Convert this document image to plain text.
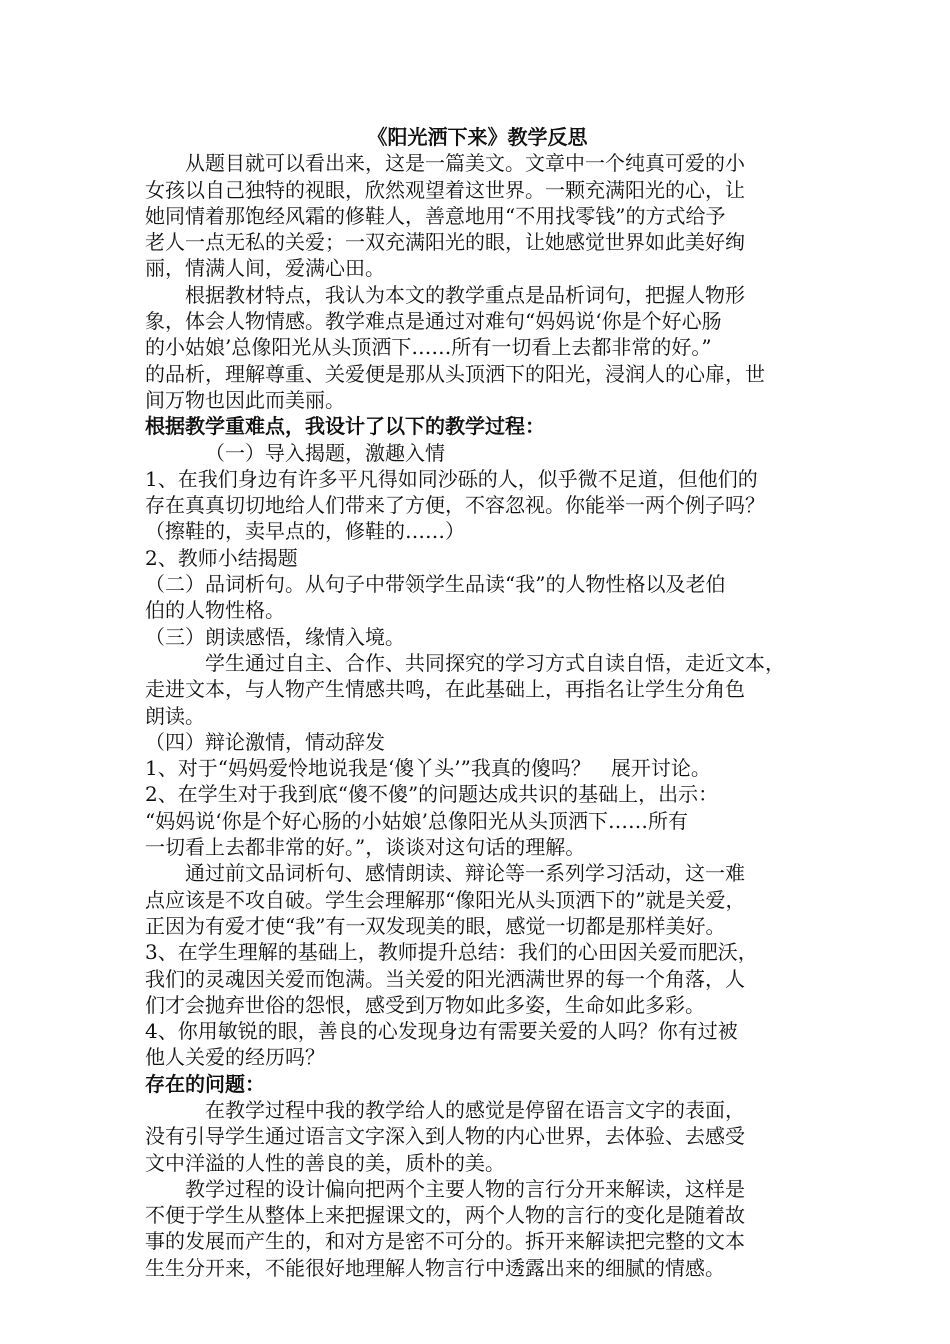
《阳光洒下来》教学反思
从题目就可以看出来，这是一篇美文。文章中一个纯真可爱的小
女孩以自己独特的视眼，欣然观望着这世界。一颗充满阳光的心，让
她同情着那饱经风霜的修鞋人，善意地用“不用找零钱”的方式给予
老人一点无私的关爱；一双充满阳光的眼，让她感觉世界如此美好绚
丽，情满人间，爱满心田。
根据教材特点，我认为本文的教学重点是品析词句，把握人物形
象，体会人物情感。教学难点是通过对难句“妈妈说‘你是个好心肠
的小姑娘’总像阳光从头顶洒下……所有一切看上去都非常的好。”
的品析，理解尊重、关爱便是那从头顶洒下的阳光，浸润人的心扉，世
间万物也因此而美丽。
根据教学重难点，我设计了以下的教学过程：
（一）导入揭题，激趣入情
1、在我们身边有许多平凡得如同沙砾的人，似乎微不足道，但他们的
存在真真切切地给人们带来了方便，不容忽视。你能举一两个例子吗？
（擦鞋的，卖早点的，修鞋的……）
2、教师小结揭题
（二）品词析句。从句子中带领学生品读“我”的人物性格以及老伯
伯的人物性格。
（三）朗读感悟，缘情入境。
学生通过自主、合作、共同探究的学习方式自读自悟，走近文本，
走进文本，与人物产生情感共鸣，在此基础上，再指名让学生分角色
朗读。
（四）辩论激情，情动辞发
1、对于“妈妈爱怜地说我是‘傻丫头’”我真的傻吗？　展开讨论。
2、在学生对于我到底“傻不傻”的问题达成共识的基础上，出示：
“妈妈说‘你是个好心肠的小姑娘’总像阳光从头顶洒下……所有
一切看上去都非常的好。”，谈谈对这句话的理解。
通过前文品词析句、感情朗读、辩论等一系列学习活动，这一难
点应该是不攻自破。学生会理解那“像阳光从头顶洒下的”就是关爱，
正因为有爱才使“我”有一双发现美的眼，感觉一切都是那样美好。
3、在学生理解的基础上，教师提升总结：我们的心田因关爱而肥沃，
我们的灵魂因关爱而饱满。当关爱的阳光洒满世界的每一个角落，人
们才会抛弃世俗的怨恨，感受到万物如此多姿，生命如此多彩。
4、你用敏锐的眼，善良的心发现身边有需要关爱的人吗？你有过被
他人关爱的经历吗？
存在的问题：
在教学过程中我的教学给人的感觉是停留在语言文字的表面，
没有引导学生通过语言文字深入到人物的内心世界，去体验、去感受
文中洋溢的人性的善良的美，质朴的美。
教学过程的设计偏向把两个主要人物的言行分开来解读，这样是
不便于学生从整体上来把握课文的，两个人物的言行的变化是随着故
事的发展而产生的，和对方是密不可分的。拆开来解读把完整的文本
生生分开来，不能很好地理解人物言行中透露出来的细腻的情感。
